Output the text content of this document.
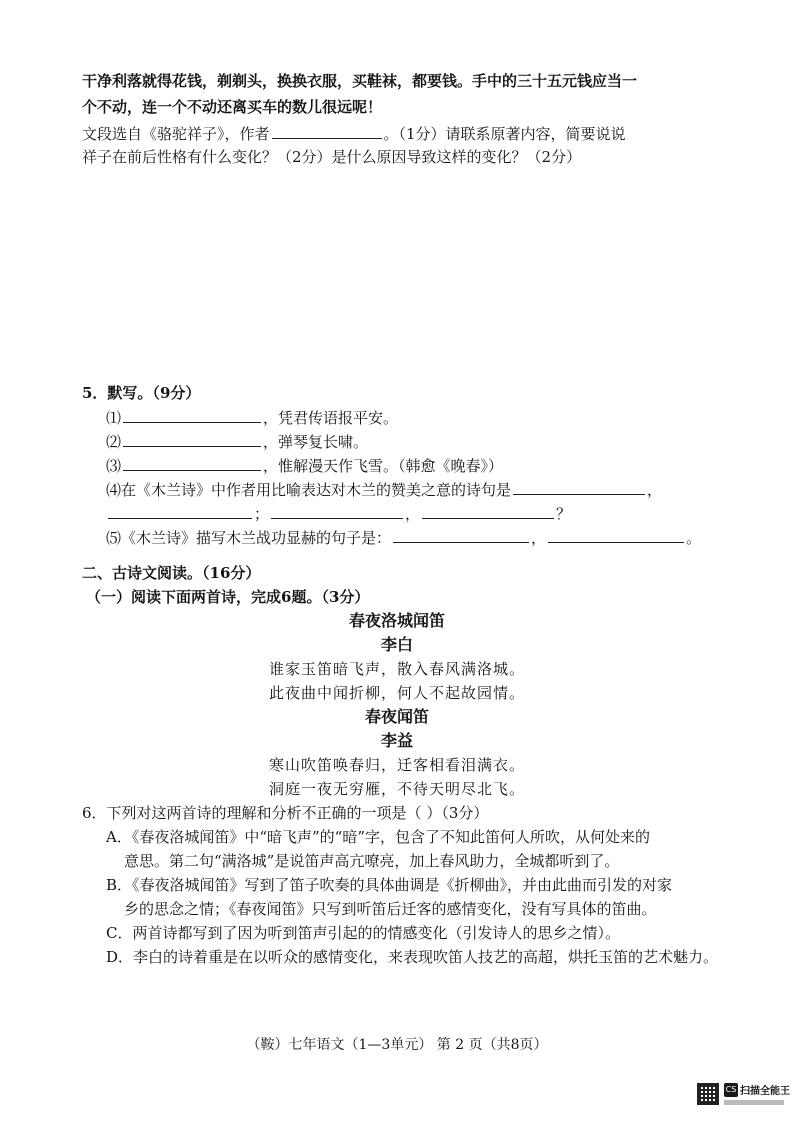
干净利落就得花钱，剃剃头，换换衣服，买鞋袜，都要钱。手中的三十五元钱应当一
个不动，连一个不动还离买车的数儿很远呢！
文段选自《骆驼祥子》，作者	。（1分）请联系原著内容，简要说说
祥子在前后性格有什么变化？（2分）是什么原因导致这样的变化？（2分）
5．默写。（9分）
⑴	，凭君传语报平安。
⑵	，弹琴复长啸。
⑶	，惟解漫天作飞雪。（韩愈《晚春》）
⑷在《木兰诗》中作者用比喻表达对木兰的赞美之意的诗句是	，
；	，	？
⑸《木兰诗》描写木兰战功显赫的句子是：	，	。
二、古诗文阅读。（16分）
（一）阅读下面两首诗，完成6题。（3分）
春夜洛城闻笛
李白
谁家玉笛暗飞声，散入春风满洛城。
此夜曲中闻折柳，何人不起故园情。
春夜闻笛
李益
寒山吹笛唤春归，迁客相看泪满衣。
洞庭一夜无穷雁，不待天明尽北飞。
6．下列对这两首诗的理解和分析不正确的一项是（ ）（3分）
A．《春夜洛城闻笛》中“暗飞声”的“暗”字，包含了不知此笛何人所吹，从何处来的
意思。第二句“满洛城”是说笛声高亢嘹亮，加上春风助力，全城都听到了。
B．《春夜洛城闻笛》写到了笛子吹奏的具体曲调是《折柳曲》，并由此曲而引发的对家
乡的思念之情；《春夜闻笛》只写到听笛后迁客的感情变化，没有写具体的笛曲。
C．两首诗都写到了因为听到笛声引起的的情感变化（引发诗人的思乡之情）。
D．李白的诗着重是在以听众的感情变化，来表现吹笛人技艺的高超，烘托玉笛的艺术魅力。
（鞍）七年语文（1—3单元） 第 2 页（共8页）
CS 扫描全能王
